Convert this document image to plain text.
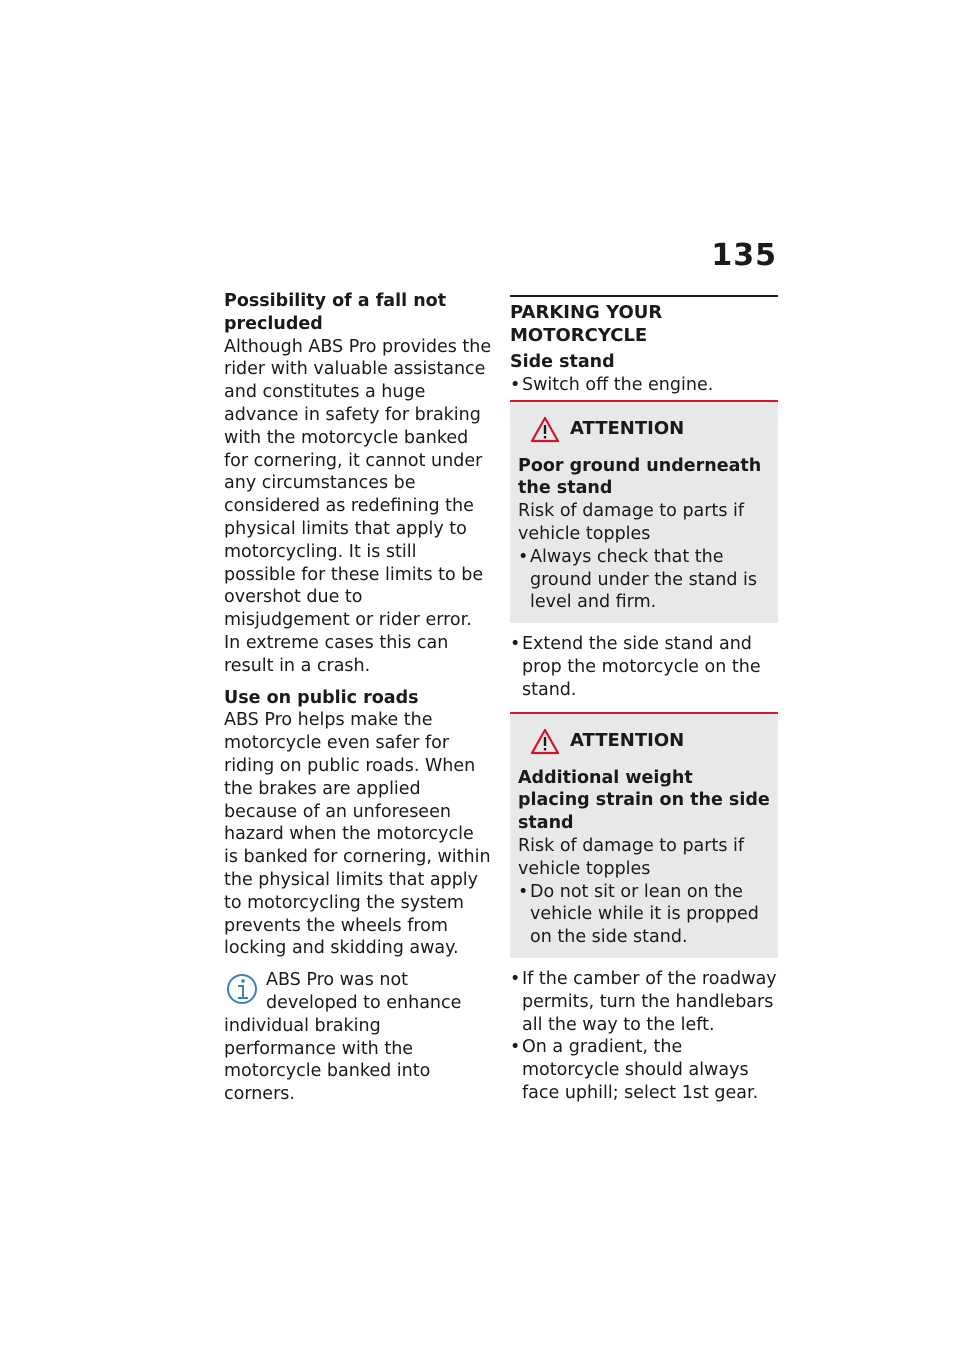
135

Possibility of a fall not precluded

Although ABS Pro provides the rider with valuable assistance and constitutes a huge advance in safety for braking with the motorcycle banked for cornering, it cannot under any circumstances be considered as redefining the physical limits that apply to motorcycling. It is still possible for these limits to be overshot due to misjudgement or rider error. In extreme cases this can result in a crash.

Use on public roads

ABS Pro helps make the motorcycle even safer for riding on public roads. When the brakes are applied because of an unforeseen hazard when the motorcycle is banked for cornering, within the physical limits that apply to motorcycling the system prevents the wheels from locking and skidding away.

ABS Pro was not developed to enhance

individual braking performance with the motorcycle banked into corners.

PARKING YOUR MOTORCYCLE

Side stand

• Switch off the engine.

ATTENTION

Poor ground underneath the stand

Risk of damage to parts if vehicle topples

• Always check that the ground under the stand is level and firm.

• Extend the side stand and prop the motorcycle on the stand.

ATTENTION

Additional weight placing strain on the side stand

Risk of damage to parts if vehicle topples

• Do not sit or lean on the vehicle while it is propped on the side stand.

• If the camber of the roadway permits, turn the handlebars all the way to the left.

• On a gradient, the motorcycle should always face uphill; select 1st gear.
